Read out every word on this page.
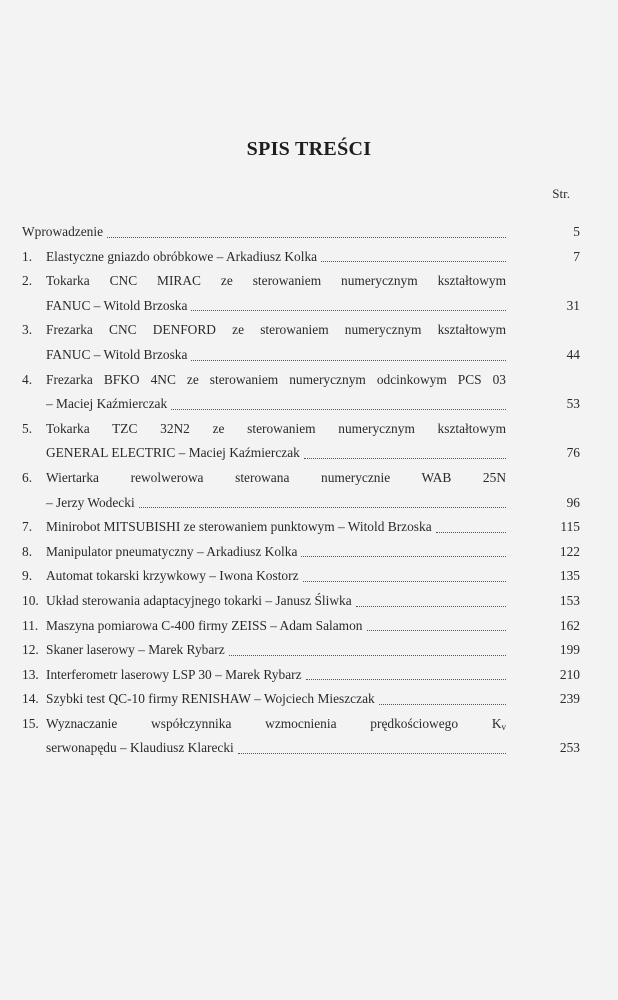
SPIS TREŚCI
Str.
Wprowadzenie	5
1.	Elastyczne gniazdo obróbkowe – Arkadiusz Kolka	7
2.	Tokarka CNC MIRAC ze sterowaniem numerycznym kształtowym
FANUC – Witold Brzoska	31
3.	Frezarka CNC DENFORD ze sterowaniem numerycznym kształtowym
FANUC – Witold Brzoska	44
4.	Frezarka BFKO 4NC ze sterowaniem numerycznym odcinkowym PCS 03
– Maciej Kaźmierczak	53
5.	Tokarka TZC 32N2 ze sterowaniem numerycznym kształtowym
GENERAL ELECTRIC – Maciej Kaźmierczak	76
6.	Wiertarka rewolwerowa sterowana numerycznie WAB 25N
– Jerzy Wodecki	96
7.	Minirobot MITSUBISHI ze sterowaniem punktowym – Witold Brzoska	115
8.	Manipulator pneumatyczny – Arkadiusz Kolka	122
9.	Automat tokarski krzywkowy – Iwona Kostorz	135
10. Układ sterowania adaptacyjnego tokarki – Janusz Śliwka	153
11. Maszyna pomiarowa C-400 firmy ZEISS – Adam Salamon	162
12. Skaner laserowy – Marek Rybarz	199
13. Interferometr laserowy LSP 30 – Marek Rybarz	210
14. Szybki test QC-10 firmy RENISHAW – Wojciech Mieszczak	239
15. Wyznaczanie współczynnika wzmocnienia prędkościowego $K_v$
serwonapędu – Klaudiusz Klarecki	253
